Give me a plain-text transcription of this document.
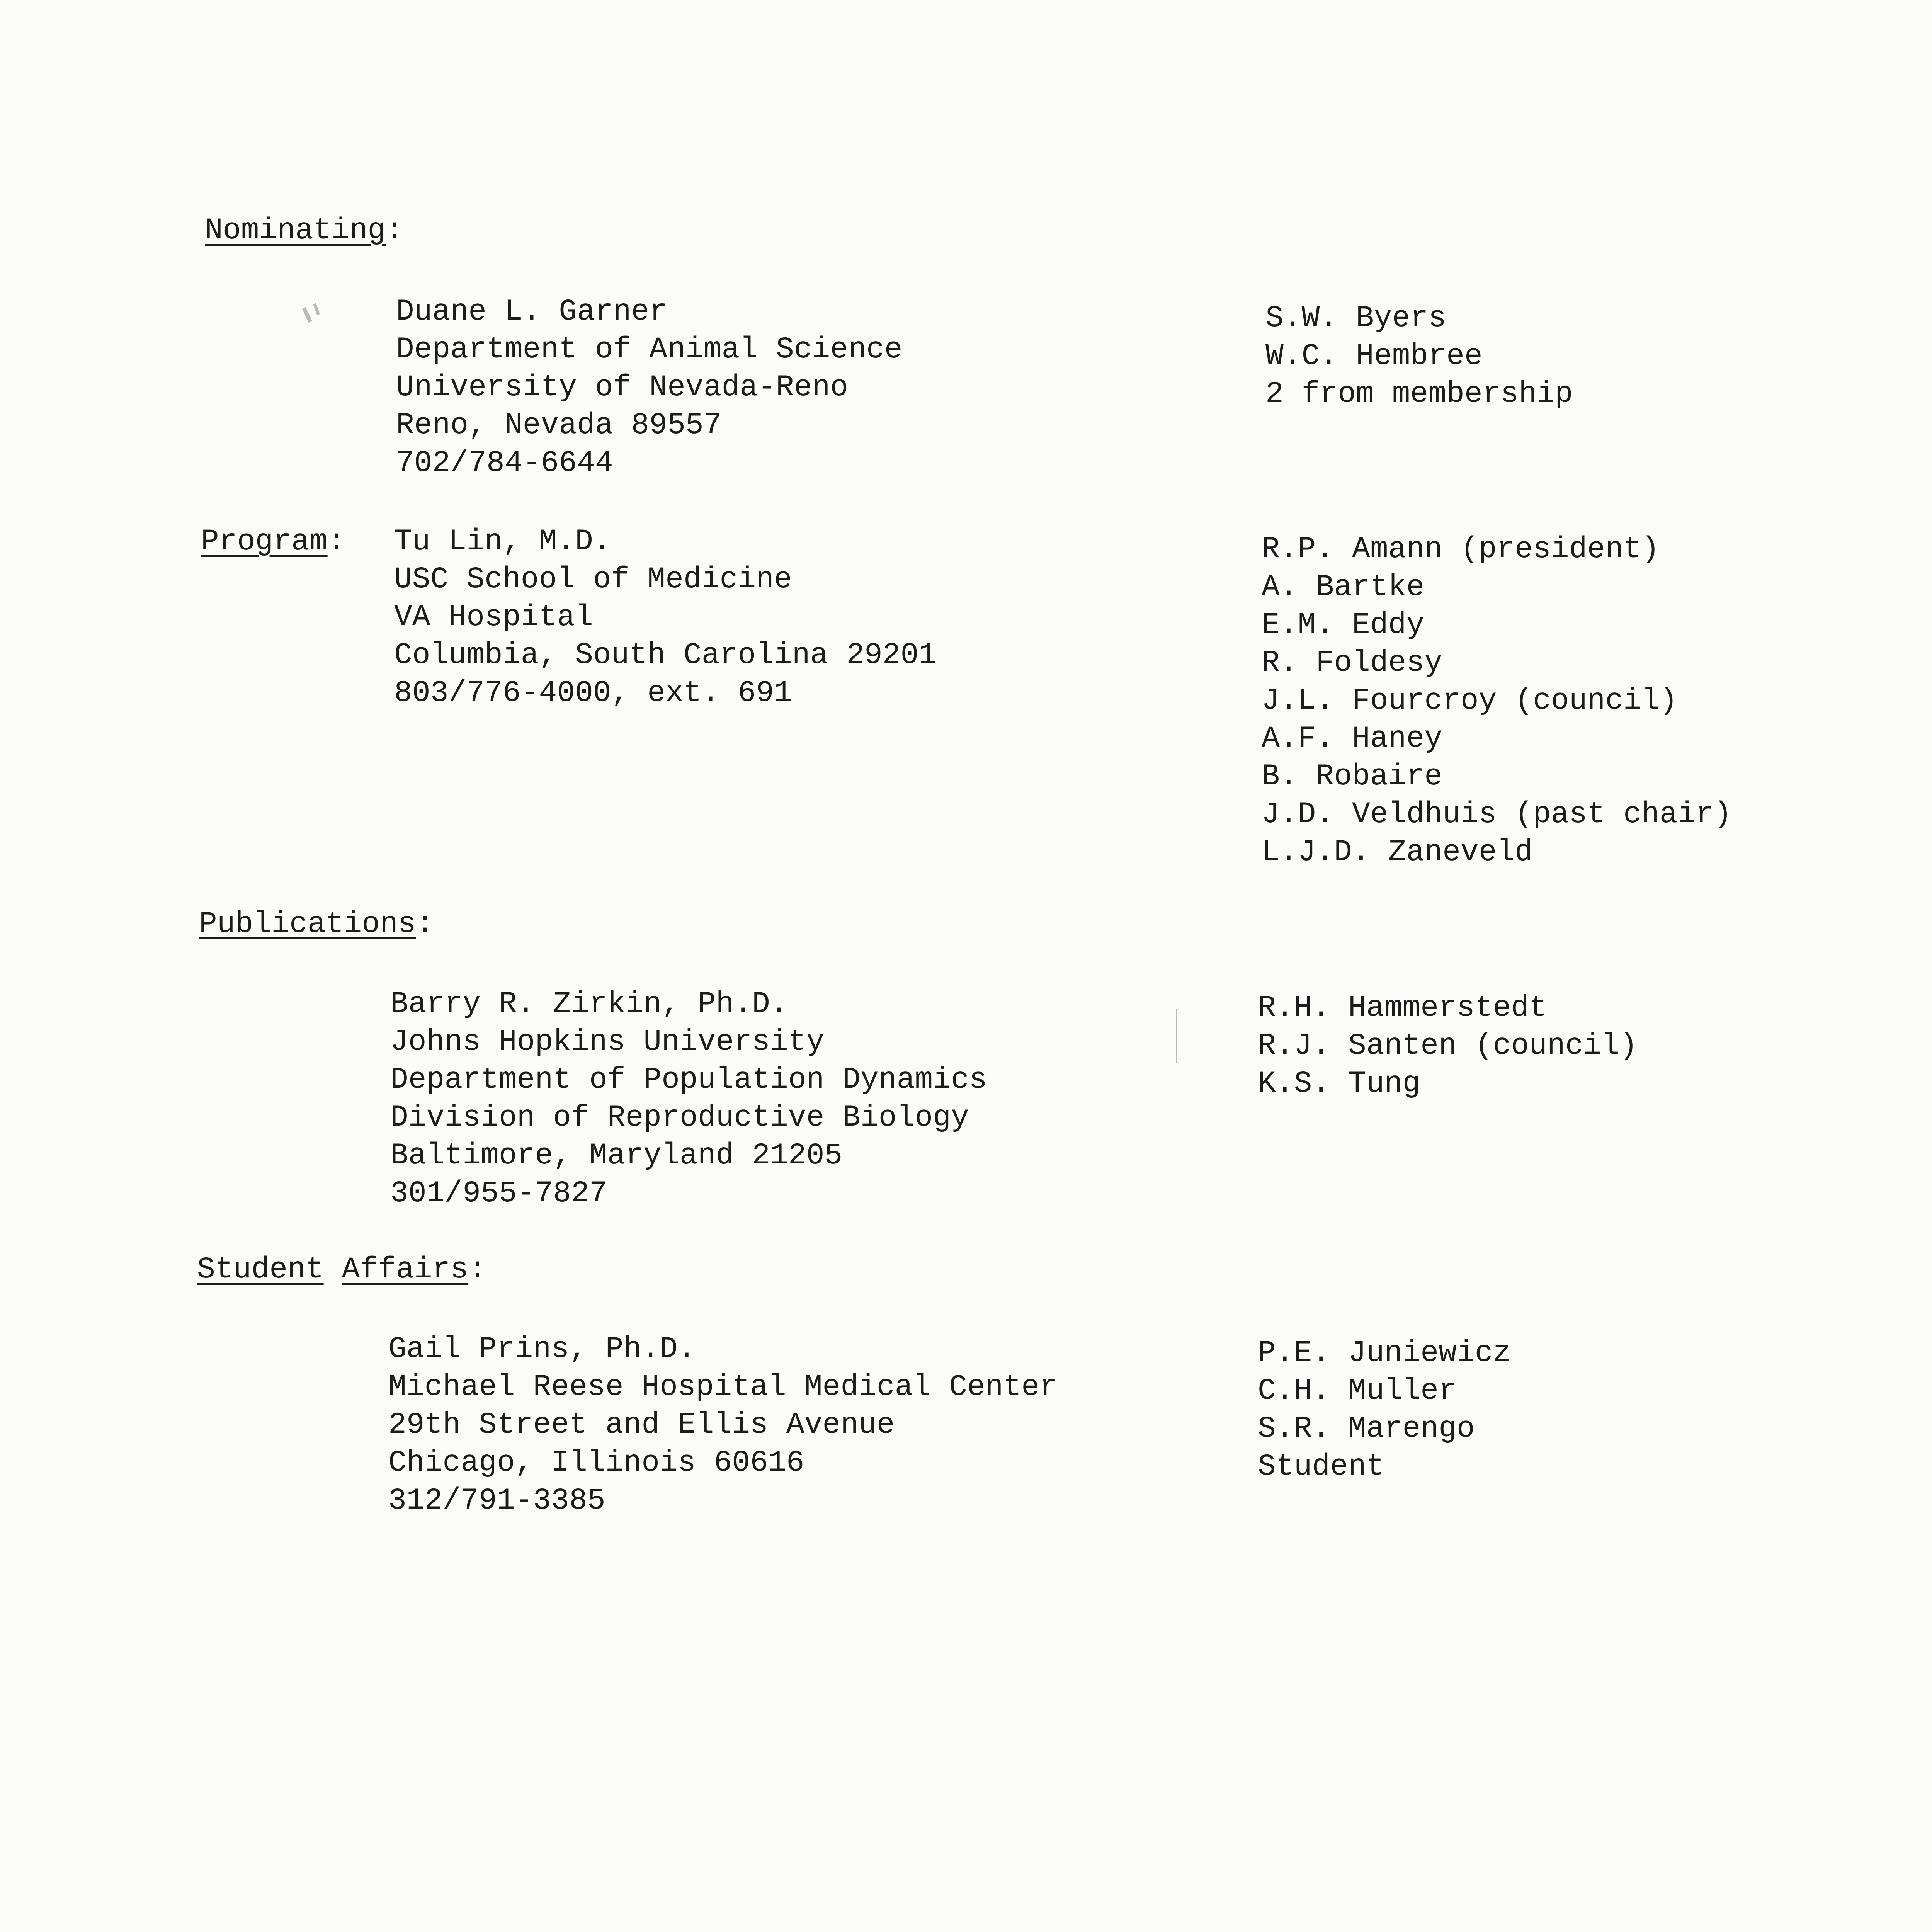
Nominating:

Duane L. Garner
Department of Animal Science
University of Nevada-Reno
Reno, Nevada 89557
702/784-6644
S.W. Byers
W.C. Hembree
2 from membership

Program: Tu Lin, M.D.
USC School of Medicine
VA Hospital
Columbia, South Carolina 29201
803/776-4000, ext. 691
R.P. Amann (president)
A. Bartke
E.M. Eddy
R. Foldesy
J.L. Fourcroy (council)
A.F. Haney
B. Robaire
J.D. Veldhuis (past chair)
L.J.D. Zaneveld

Publications:

Barry R. Zirkin, Ph.D.
Johns Hopkins University
Department of Population Dynamics
Division of Reproductive Biology
Baltimore, Maryland 21205
301/955-7827
R.H. Hammerstedt
R.J. Santen (council)
K.S. Tung

Student Affairs:

Gail Prins, Ph.D.
Michael Reese Hospital Medical Center
29th Street and Ellis Avenue
Chicago, Illinois 60616
312/791-3385
P.E. Juniewicz
C.H. Muller
S.R. Marengo
Student
